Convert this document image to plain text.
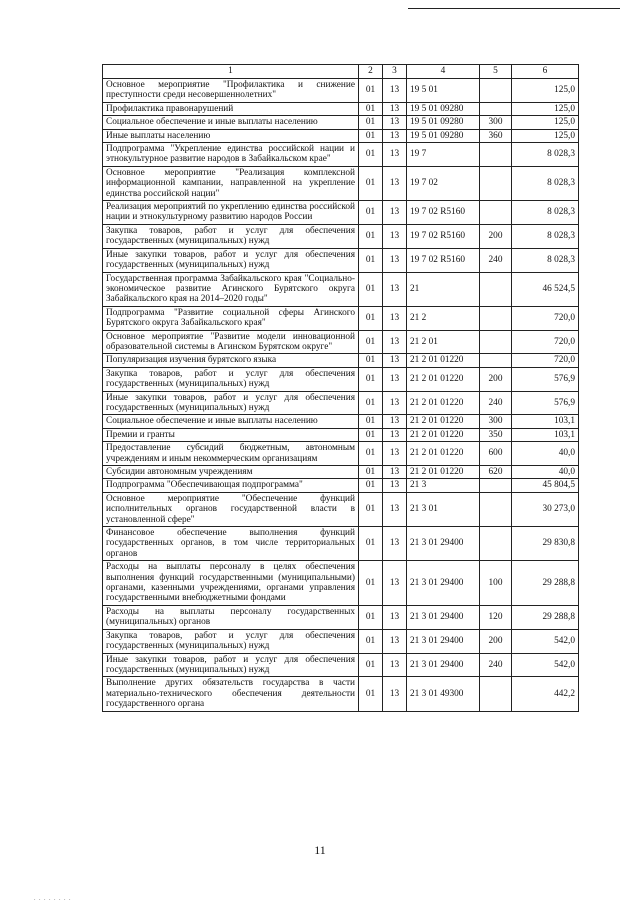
1	2	3	4	5	6
Основное мероприятие "Профилактика и снижение преступности среди несовершеннолетних"	01	13	19 5 01		125,0
Профилактика правонарушений	01	13	19 5 01 09280		125,0
Социальное обеспечение и иные выплаты населению	01	13	19 5 01 09280	300	125,0
Иные выплаты населению	01	13	19 5 01 09280	360	125,0
Подпрограмма "Укрепление единства российской нации и этнокультурное развитие народов в Забайкальском крае"	01	13	19 7		8 028,3
Основное мероприятие "Реализация комплексной информационной кампании, направленной на укрепление единства российской нации"	01	13	19 7 02		8 028,3
Реализация мероприятий по укреплению единства российской нации и этнокультурному развитию народов России	01	13	19 7 02 R5160		8 028,3
Закупка товаров, работ и услуг для обеспечения государственных (муниципальных) нужд	01	13	19 7 02 R5160	200	8 028,3
Иные закупки товаров, работ и услуг для обеспечения государственных (муниципальных) нужд	01	13	19 7 02 R5160	240	8 028,3
Государственная программа Забайкальского края "Социально-экономическое развитие Агинского Бурятского округа Забайкальского края на 2014–2020 годы"	01	13	21		46 524,5
Подпрограмма "Развитие социальной сферы Агинского Бурятского округа Забайкальского края"	01	13	21 2		720,0
Основное мероприятие "Развитие модели инновационной образовательной системы в Агинском Бурятском округе"	01	13	21 2 01		720,0
Популяризация изучения бурятского языка	01	13	21 2 01 01220		720,0
Закупка товаров, работ и услуг для обеспечения государственных (муниципальных) нужд	01	13	21 2 01 01220	200	576,9
Иные закупки товаров, работ и услуг для обеспечения государственных (муниципальных) нужд	01	13	21 2 01 01220	240	576,9
Социальное обеспечение и иные выплаты населению	01	13	21 2 01 01220	300	103,1
Премии и гранты	01	13	21 2 01 01220	350	103,1
Предоставление субсидий бюджетным, автономным учреждениям и иным некоммерческим организациям	01	13	21 2 01 01220	600	40,0
Субсидии автономным учреждениям	01	13	21 2 01 01220	620	40,0
Подпрограмма "Обеспечивающая подпрограмма"	01	13	21 3		45 804,5
Основное мероприятие "Обеспечение функций исполнительных органов государственной власти в установленной сфере"	01	13	21 3 01		30 273,0
Финансовое обеспечение выполнения функций государственных органов, в том числе территориальных органов	01	13	21 3 01 29400		29 830,8
Расходы на выплаты персоналу в целях обеспечения выполнения функций государственными (муниципальными) органами, казенными учреждениями, органами управления государственными внебюджетными фондами	01	13	21 3 01 29400	100	29 288,8
Расходы на выплаты персоналу государственных (муниципальных) органов	01	13	21 3 01 29400	120	29 288,8
Закупка товаров, работ и услуг для обеспечения государственных (муниципальных) нужд	01	13	21 3 01 29400	200	542,0
Иные закупки товаров, работ и услуг для обеспечения государственных (муниципальных) нужд	01	13	21 3 01 29400	240	542,0
Выполнение других обязательств государства в части материально-технического обеспечения деятельности государственного органа	01	13	21 3 01 49300		442,2
11
. . . . . . . .
